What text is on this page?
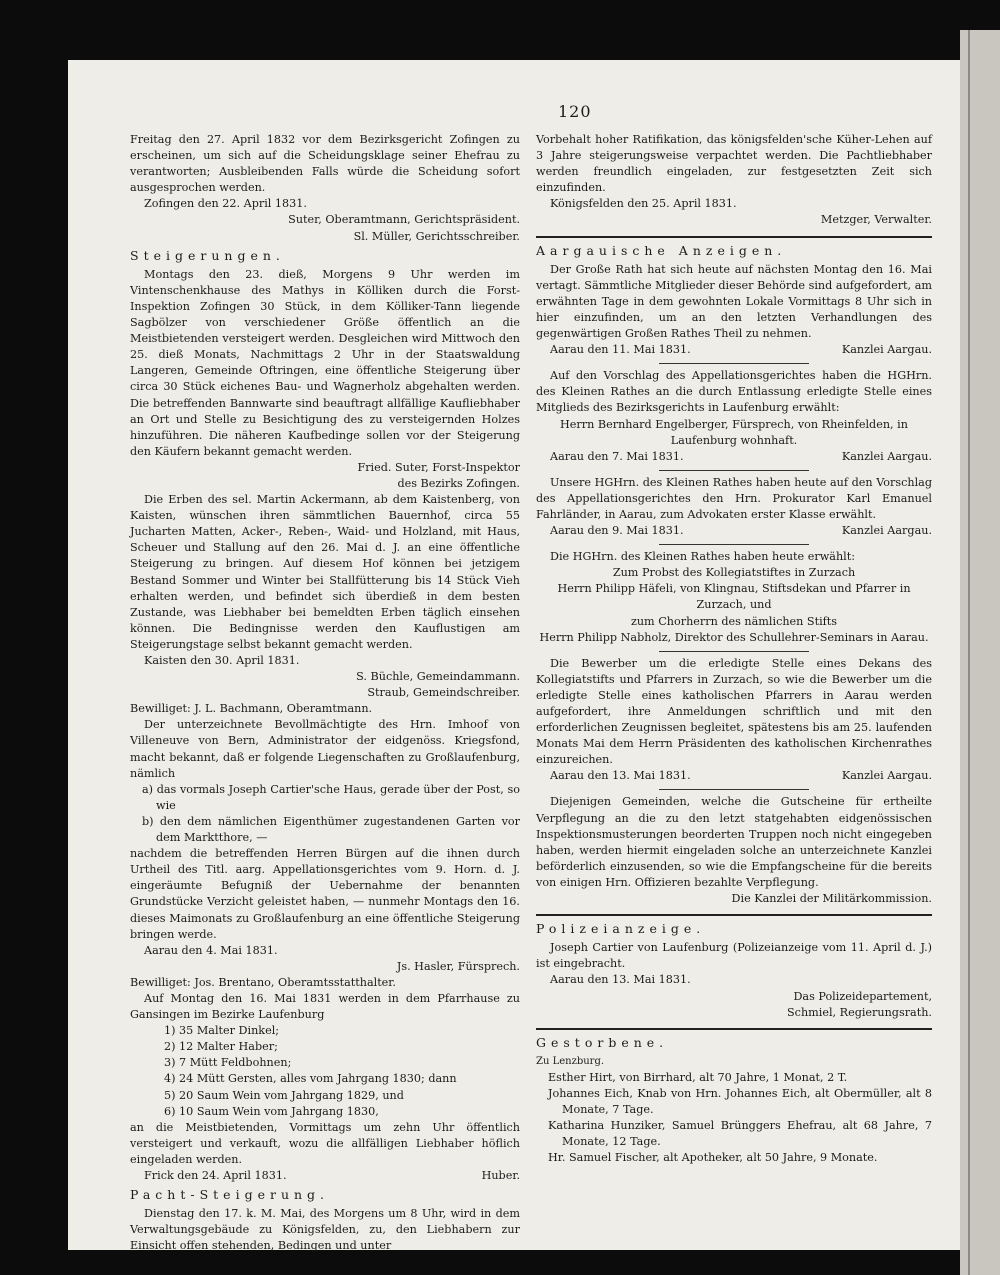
120

Freitag den 27. April 1832 vor dem Bezirksgericht Zofingen zu erscheinen, um sich auf die Scheidungsklage seiner Ehefrau zu verantworten; Ausbleibenden Falls würde die Scheidung sofort ausgesprochen werden.

Zofingen den 22. April 1831.

Suter, Oberamtmann, Gerichtspräsident.

Sl. Müller, Gerichtsschreiber.

Steigerungen.

Montags den 23. dieß, Morgens 9 Uhr werden im Vintenschenkhause des Mathys in Kölliken durch die Forst-Inspektion Zofingen 30 Stück, in dem Kölliker-Tann liegende Sagbölzer von verschiedener Größe öffentlich an die Meistbietenden versteigert werden. Desgleichen wird Mittwoch den 25. dieß Monats, Nachmittags 2 Uhr in der Staatswaldung Langeren, Gemeinde Oftringen, eine öffentliche Steigerung über circa 30 Stück eichenes Bau- und Wagnerholz abgehalten werden. Die betreffenden Bannwarte sind beauftragt allfällige Kaufliebhaber an Ort und Stelle zu Besichtigung des zu versteigernden Holzes hinzuführen. Die näheren Kaufbedinge sollen vor der Steigerung den Käufern bekannt gemacht werden.

Fried. Suter, Forst-Inspektor

des Bezirks Zofingen.

Die Erben des sel. Martin Ackermann, ab dem Kaistenberg, von Kaisten, wünschen ihren sämmtlichen Bauernhof, circa 55 Jucharten Matten, Acker-, Reben-, Waid- und Holzland, mit Haus, Scheuer und Stallung auf den 26. Mai d. J. an eine öffentliche Steigerung zu bringen. Auf diesem Hof können bei jetzigem Bestand Sommer und Winter bei Stallfütterung bis 14 Stück Vieh erhalten werden, und befindet sich überdieß in dem besten Zustande, was Liebhaber bei bemeldten Erben täglich einsehen können. Die Bedingnisse werden den Kauflustigen am Steigerungstage selbst bekannt gemacht werden.

Kaisten den 30. April 1831.

S. Büchle, Gemeindammann.

Straub, Gemeindschreiber.

Bewilliget: J. L. Bachmann, Oberamtmann.

Der unterzeichnete Bevollmächtigte des Hrn. Imhoof von Villeneuve von Bern, Administrator der eidgenöss. Kriegsfond, macht bekannt, daß er folgende Liegenschaften zu Großlaufenburg, nämlich

a) das vormals Joseph Cartier'sche Haus, gerade über der Post, so wie

b) den dem nämlichen Eigenthümer zugestandenen Garten vor dem Marktthore, —

nachdem die betreffenden Herren Bürgen auf die ihnen durch Urtheil des Titl. aarg. Appellationsgerichtes vom 9. Horn. d. J. eingeräumte Befugniß der Uebernahme der benannten Grundstücke Verzicht geleistet haben, — nunmehr Montags den 16. dieses Maimonats zu Großlaufenburg an eine öffentliche Steigerung bringen werde.

Aarau den 4. Mai 1831.

Js. Hasler, Fürsprech.

Bewilliget: Jos. Brentano, Oberamtsstatthalter.

Auf Montag den 16. Mai 1831 werden in dem Pfarrhause zu Gansingen im Bezirke Laufenburg

1) 35 Malter Dinkel;

2) 12 Malter Haber;

3) 7 Mütt Feldbohnen;

4) 24 Mütt Gersten, alles vom Jahrgang 1830; dann

5) 20 Saum Wein vom Jahrgang 1829, und

6) 10 Saum Wein vom Jahrgang 1830,

an die Meistbietenden, Vormittags um zehn Uhr öffentlich versteigert und verkauft, wozu die allfälligen Liebhaber höflich eingeladen werden.

Frick den 24. April 1831.	Huber.

Pacht-Steigerung.

Dienstag den 17. k. M. Mai, des Morgens um 8 Uhr, wird in dem Verwaltungsgebäude zu Königsfelden, zu, den Liebhabern zur Einsicht offen stehenden, Bedingen und unter

Vorbehalt hoher Ratifikation, das königsfelden'sche Küher-Lehen auf 3 Jahre steigerungsweise verpachtet werden. Die Pachtliebhaber werden freundlich eingeladen, zur festgesetzten Zeit sich einzufinden.

Königsfelden den 25. April 1831.

Metzger, Verwalter.

Aargauische Anzeigen.

Der Große Rath hat sich heute auf nächsten Montag den 16. Mai vertagt. Sämmtliche Mitglieder dieser Behörde sind aufgefordert, am erwähnten Tage in dem gewohnten Lokale Vormittags 8 Uhr sich in hier einzufinden, um an den letzten Verhandlungen des gegenwärtigen Großen Rathes Theil zu nehmen.

Aarau den 11. Mai 1831.	Kanzlei Aargau.

Auf den Vorschlag des Appellationsgerichtes haben die HGHrn. des Kleinen Rathes an die durch Entlassung erledigte Stelle eines Mitglieds des Bezirksgerichts in Laufenburg erwählt:

Herrn Bernhard Engelberger, Fürsprech, von Rheinfelden, in Laufenburg wohnhaft.

Aarau den 7. Mai 1831.	Kanzlei Aargau.

Unsere HGHrn. des Kleinen Rathes haben heute auf den Vorschlag des Appellationsgerichtes den Hrn. Prokurator Karl Emanuel Fahrländer, in Aarau, zum Advokaten erster Klasse erwählt.

Aarau den 9. Mai 1831.	Kanzlei Aargau.

Die HGHrn. des Kleinen Rathes haben heute erwählt:

Zum Probst des Kollegiatstiftes in Zurzach

Herrn Philipp Häfeli, von Klingnau, Stiftsdekan und Pfarrer in Zurzach, und

zum Chorherrn des nämlichen Stifts

Herrn Philipp Nabholz, Direktor des Schullehrer-Seminars in Aarau.

Die Bewerber um die erledigte Stelle eines Dekans des Kollegiatstifts und Pfarrers in Zurzach, so wie die Bewerber um die erledigte Stelle eines katholischen Pfarrers in Aarau werden aufgefordert, ihre Anmeldungen schriftlich und mit den erforderlichen Zeugnissen begleitet, spätestens bis am 25. laufenden Monats Mai dem Herrn Präsidenten des katholischen Kirchenrathes einzureichen.

Aarau den 13. Mai 1831.	Kanzlei Aargau.

Diejenigen Gemeinden, welche die Gutscheine für ertheilte Verpflegung an die zu den letzt statgehabten eidgenössischen Inspektionsmusterungen beorderten Truppen noch nicht eingegeben haben, werden hiermit eingeladen solche an unterzeichnete Kanzlei beförderlich einzusenden, so wie die Empfangscheine für die bereits von einigen Hrn. Offizieren bezahlte Verpflegung.

Die Kanzlei der Militärkommission.

Polizeianzeige.

Joseph Cartier von Laufenburg (Polizeianzeige vom 11. April d. J.) ist eingebracht.

Aarau den 13. Mai 1831.

Das Polizeidepartement,

Schmiel, Regierungsrath.

Gestorbene.

Zu Lenzburg.

Esther Hirt, von Birrhard, alt 70 Jahre, 1 Monat, 2 T.

Johannes Eich, Knab von Hrn. Johannes Eich, alt Obermüller, alt 8 Monate, 7 Tage.

Katharina Hunziker, Samuel Brünggers Ehefrau, alt 68 Jahre, 7 Monate, 12 Tage.

Hr. Samuel Fischer, alt Apotheker, alt 50 Jahre, 9 Monate.
